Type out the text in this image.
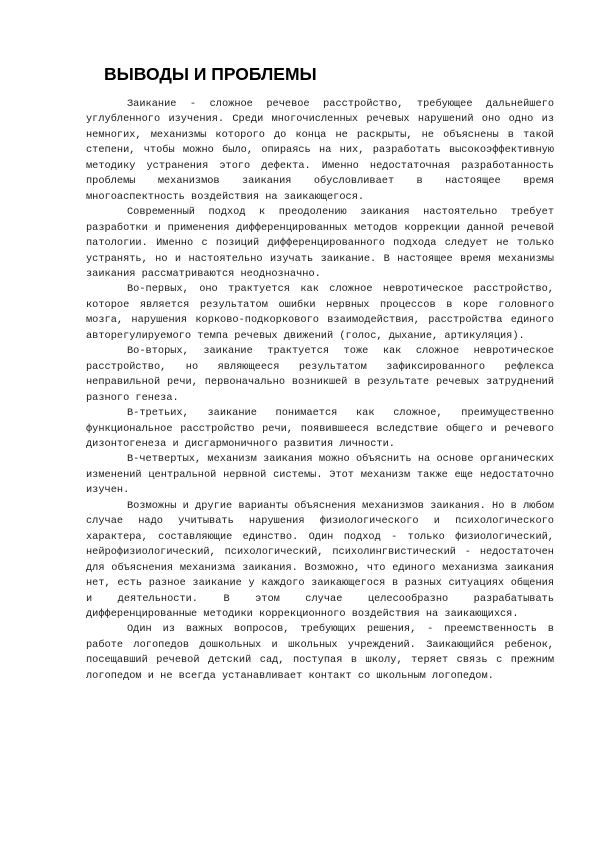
ВЫВОДЫ И ПРОБЛЕМЫ

Заикание - сложное речевое расстройство, требующее дальнейшего углубленного изучения. Среди многочисленных речевых нарушений оно одно из немногих, механизмы которого до конца не раскрыты, не объяснены в такой степени, чтобы можно было, опираясь на них, разработать высокоэффективную методику устранения этого дефекта. Именно недостаточная разработанность проблемы механизмов заикания обусловливает в настоящее время многоаспектность воздействия на заикающегося.

Современный подход к преодолению заикания настоятельно требует разработки и применения дифференцированных методов коррекции данной речевой патологии. Именно с позиций дифференцированного подхода следует не только устранять, но и настоятельно изучать заикание. В настоящее время механизмы заикания рассматриваются неоднозначно.

Во-первых, оно трактуется как сложное невротическое расстройство, которое является результатом ошибки нервных процессов в коре головного мозга, нарушения корково-подкоркового взаимодействия, расстройства единого авторегулируемого темпа речевых движений (голос, дыхание, артикуляция).

Во-вторых, заикание трактуется тоже как сложное невротическое расстройство, но являющееся результатом зафиксированного рефлекса неправильной речи, первоначально возникшей в результате речевых затруднений разного генеза.

В-третьих, заикание понимается как сложное, преимущественно функциональное расстройство речи, появившееся вследствие общего и речевого дизонтогенеза и дисгармоничного развития личности.

В-четвертых, механизм заикания можно объяснить на основе органических изменений центральной нервной системы. Этот механизм также еще недостаточно изучен.

Возможны и другие варианты объяснения механизмов заикания. Но в любом случае надо учитывать нарушения физиологического и психологического характера, составляющие единство. Один подход - только физиологический, нейрофизиологический, психологический, психолингвистический - недостаточен для объяснения механизма заикания. Возможно, что единого механизма заикания нет, есть разное заикание у каждого заикающегося в разных ситуациях общения и деятельности. В этом случае целесообразно разрабатывать дифференцированные методики коррекционного воздействия на заикающихся.

Один из важных вопросов, требующих решения, - преемственность в работе логопедов дошкольных и школьных учреждений. Заикающийся ребенок, посещавший речевой детский сад, поступая в школу, теряет связь с прежним логопедом и не всегда устанавливает контакт со школьным логопедом.
